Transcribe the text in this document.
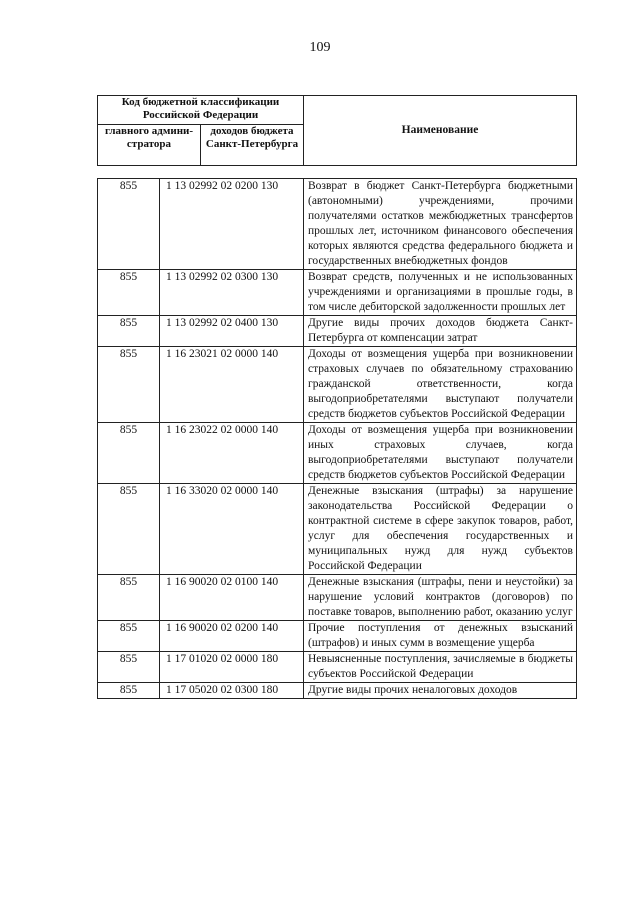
109
Код бюджетной классификации Российской Федерации		Наименование
главного админи-стратора	доходов бюджета Санкт-Петербурга	
855	1 13 02992 02 0200 130	Возврат в бюджет Санкт-Петербурга бюджетными (автономными) учреждениями, прочими получателями остатков межбюджетных трансфертов прошлых лет, источником финансового обеспечения которых являются средства федерального бюджета и государственных внебюджетных фондов
855	1 13 02992 02 0300 130	Возврат средств, полученных и не использованных учреждениями и организациями в прошлые годы, в том числе дебиторской задолженности прошлых лет
855	1 13 02992 02 0400 130	Другие виды прочих доходов бюджета Санкт-Петербурга от компенсации затрат
855	1 16 23021 02 0000 140	Доходы от возмещения ущерба при возникновении страховых случаев по обязательному страхованию гражданской ответственности, когда выгодоприобретателями выступают получатели средств бюджетов субъектов Российской Федерации
855	1 16 23022 02 0000 140	Доходы от возмещения ущерба при возникновении иных страховых случаев, когда выгодоприобретателями выступают получатели средств бюджетов субъектов Российской Федерации
855	1 16 33020 02 0000 140	Денежные взыскания (штрафы) за нарушение законодательства Российской Федерации о контрактной системе в сфере закупок товаров, работ, услуг для обеспечения государственных и муниципальных нужд для нужд субъектов Российской Федерации
855	1 16 90020 02 0100 140	Денежные взыскания (штрафы, пени и неустойки) за нарушение условий контрактов (договоров) по поставке товаров, выполнению работ, оказанию услуг
855	1 16 90020 02 0200 140	Прочие поступления от денежных взысканий (штрафов) и иных сумм в возмещение ущерба
855	1 17 01020 02 0000 180	Невыясненные поступления, зачисляемые в бюджеты субъектов Российской Федерации
855	1 17 05020 02 0300 180	Другие виды прочих неналоговых доходов
